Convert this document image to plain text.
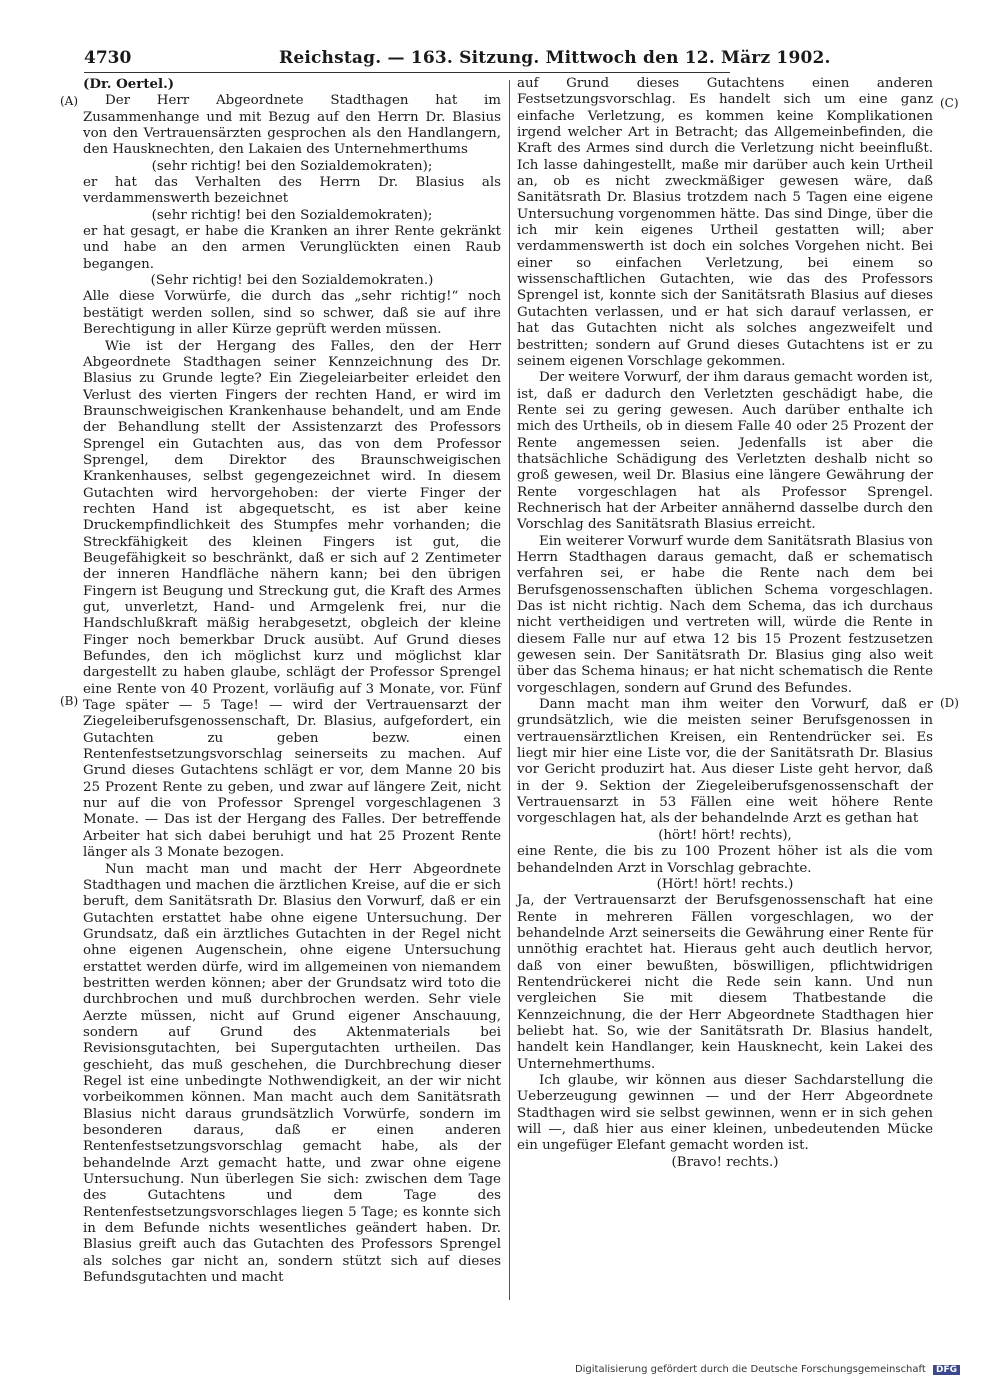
4730	Reichstag. — 163. Sitzung. Mittwoch den 12. März 1902.
(A)
(B)
(C)
(D)

(Dr. Oertel.)

Der Herr Abgeordnete Stadthagen hat im Zusammenhange und mit Bezug auf den Herrn Dr. Blasius von den Vertrauensärzten gesprochen als den Handlangern, den Hausknechten, den Lakaien des Unternehmerthums

(sehr richtig! bei den Sozialdemokraten);

er hat das Verhalten des Herrn Dr. Blasius als verdammenswerth bezeichnet

(sehr richtig! bei den Sozialdemokraten);

er hat gesagt, er habe die Kranken an ihrer Rente gekränkt und habe an den armen Verunglückten einen Raub begangen.

(Sehr richtig! bei den Sozialdemokraten.)

Alle diese Vorwürfe, die durch das „sehr richtig!“ noch bestätigt werden sollen, sind so schwer, daß sie auf ihre Berechtigung in aller Kürze geprüft werden müssen.

Wie ist der Hergang des Falles, den der Herr Abgeordnete Stadthagen seiner Kennzeichnung des Dr. Blasius zu Grunde legte? Ein Ziegeleiarbeiter erleidet den Verlust des vierten Fingers der rechten Hand, er wird im Braunschweigischen Krankenhause behandelt, und am Ende der Behandlung stellt der Assistenzarzt des Professors Sprengel ein Gutachten aus, das von dem Professor Sprengel, dem Direktor des Braunschweigischen Krankenhauses, selbst gegengezeichnet wird. In diesem Gutachten wird hervorgehoben: der vierte Finger der rechten Hand ist abgequetscht, es ist aber keine Druckempfindlichkeit des Stumpfes mehr vorhanden; die Streckfähigkeit des kleinen Fingers ist gut, die Beugefähigkeit so beschränkt, daß er sich auf 2 Zentimeter der inneren Handfläche nähern kann; bei den übrigen Fingern ist Beugung und Streckung gut, die Kraft des Armes gut, unverletzt, Hand- und Armgelenk frei, nur die Handschlußkraft mäßig herabgesetzt, obgleich der kleine Finger noch bemerkbar Druck ausübt. Auf Grund dieses Befundes, den ich möglichst kurz und möglichst klar dargestellt zu haben glaube, schlägt der Professor Sprengel eine Rente von 40 Prozent, vorläufig auf 3 Monate, vor. Fünf Tage später — 5 Tage! — wird der Vertrauensarzt der Ziegeleiberufsgenossenschaft, Dr. Blasius, aufgefordert, ein Gutachten zu geben bezw. einen Rentenfestsetzungsvorschlag seinerseits zu machen. Auf Grund dieses Gutachtens schlägt er vor, dem Manne 20 bis 25 Prozent Rente zu geben, und zwar auf längere Zeit, nicht nur auf die von Professor Sprengel vorgeschlagenen 3 Monate. — Das ist der Hergang des Falles. Der betreffende Arbeiter hat sich dabei beruhigt und hat 25 Prozent Rente länger als 3 Monate bezogen.

Nun macht man und macht der Herr Abgeordnete Stadthagen und machen die ärztlichen Kreise, auf die er sich beruft, dem Sanitätsrath Dr. Blasius den Vorwurf, daß er ein Gutachten erstattet habe ohne eigene Untersuchung. Der Grundsatz, daß ein ärztliches Gutachten in der Regel nicht ohne eigenen Augenschein, ohne eigene Untersuchung erstattet werden dürfe, wird im allgemeinen von niemandem bestritten werden können; aber der Grundsatz wird toto die durchbrochen und muß durchbrochen werden. Sehr viele Aerzte müssen, nicht auf Grund eigener Anschauung, sondern auf Grund des Aktenmaterials bei Revisionsgutachten, bei Supergutachten urtheilen. Das geschieht, das muß geschehen, die Durchbrechung dieser Regel ist eine unbedingte Nothwendigkeit, an der wir nicht vorbeikommen können. Man macht auch dem Sanitätsrath Blasius nicht daraus grundsätzlich Vorwürfe, sondern im besonderen daraus, daß er einen anderen Rentenfestsetzungsvorschlag gemacht habe, als der behandelnde Arzt gemacht hatte, und zwar ohne eigene Untersuchung. Nun überlegen Sie sich: zwischen dem Tage des Gutachtens und dem Tage des Rentenfestsetzungsvorschlages liegen 5 Tage; es konnte sich in dem Befunde nichts wesentliches geändert haben. Dr. Blasius greift auch das Gutachten des Professors Sprengel als solches gar nicht an, sondern stützt sich auf dieses Befundsgutachten und macht

auf Grund dieses Gutachtens einen anderen Festsetzungsvorschlag. Es handelt sich um eine ganz einfache Verletzung, es kommen keine Komplikationen irgend welcher Art in Betracht; das Allgemeinbefinden, die Kraft des Armes sind durch die Verletzung nicht beeinflußt. Ich lasse dahingestellt, maße mir darüber auch kein Urtheil an, ob es nicht zweckmäßiger gewesen wäre, daß Sanitätsrath Dr. Blasius trotzdem nach 5 Tagen eine eigene Untersuchung vorgenommen hätte. Das sind Dinge, über die ich mir kein eigenes Urtheil gestatten will; aber verdammenswerth ist doch ein solches Vorgehen nicht. Bei einer so einfachen Verletzung, bei einem so wissenschaftlichen Gutachten, wie das des Professors Sprengel ist, konnte sich der Sanitätsrath Blasius auf dieses Gutachten verlassen, und er hat sich darauf verlassen, er hat das Gutachten nicht als solches angezweifelt und bestritten; sondern auf Grund dieses Gutachtens ist er zu seinem eigenen Vorschlage gekommen.

Der weitere Vorwurf, der ihm daraus gemacht worden ist, ist, daß er dadurch den Verletzten geschädigt habe, die Rente sei zu gering gewesen. Auch darüber enthalte ich mich des Urtheils, ob in diesem Falle 40 oder 25 Prozent der Rente angemessen seien. Jedenfalls ist aber die thatsächliche Schädigung des Verletzten deshalb nicht so groß gewesen, weil Dr. Blasius eine längere Gewährung der Rente vorgeschlagen hat als Professor Sprengel. Rechnerisch hat der Arbeiter annähernd dasselbe durch den Vorschlag des Sanitätsrath Blasius erreicht.

Ein weiterer Vorwurf wurde dem Sanitätsrath Blasius von Herrn Stadthagen daraus gemacht, daß er schematisch verfahren sei, er habe die Rente nach dem bei Berufsgenossenschaften üblichen Schema vorgeschlagen. Das ist nicht richtig. Nach dem Schema, das ich durchaus nicht vertheidigen und vertreten will, würde die Rente in diesem Falle nur auf etwa 12 bis 15 Prozent festzusetzen gewesen sein. Der Sanitätsrath Dr. Blasius ging also weit über das Schema hinaus; er hat nicht schematisch die Rente vorgeschlagen, sondern auf Grund des Befundes.

Dann macht man ihm weiter den Vorwurf, daß er grundsätzlich, wie die meisten seiner Berufsgenossen in vertrauensärztlichen Kreisen, ein Rentendrücker sei. Es liegt mir hier eine Liste vor, die der Sanitätsrath Dr. Blasius vor Gericht produzirt hat. Aus dieser Liste geht hervor, daß in der 9. Sektion der Ziegeleiberufsgenossenschaft der Vertrauensarzt in 53 Fällen eine weit höhere Rente vorgeschlagen hat, als der behandelnde Arzt es gethan hat

(hört! hört! rechts),

eine Rente, die bis zu 100 Prozent höher ist als die vom behandelnden Arzt in Vorschlag gebrachte.

(Hört! hört! rechts.)

Ja, der Vertrauensarzt der Berufsgenossenschaft hat eine Rente in mehreren Fällen vorgeschlagen, wo der behandelnde Arzt seinerseits die Gewährung einer Rente für unnöthig erachtet hat. Hieraus geht auch deutlich hervor, daß von einer bewußten, böswilligen, pflichtwidrigen Rentendrückerei nicht die Rede sein kann. Und nun vergleichen Sie mit diesem Thatbestande die Kennzeichnung, die der Herr Abgeordnete Stadthagen hier beliebt hat. So, wie der Sanitätsrath Dr. Blasius handelt, handelt kein Handlanger, kein Hausknecht, kein Lakei des Unternehmerthums.

Ich glaube, wir können aus dieser Sachdarstellung die Ueberzeugung gewinnen — und der Herr Abgeordnete Stadthagen wird sie selbst gewinnen, wenn er in sich gehen will —, daß hier aus einer kleinen, unbedeutenden Mücke ein ungefüger Elefant gemacht worden ist.

(Bravo! rechts.)

Digitalisierung gefördert durch die Deutsche Forschungsgemeinschaft DFG
